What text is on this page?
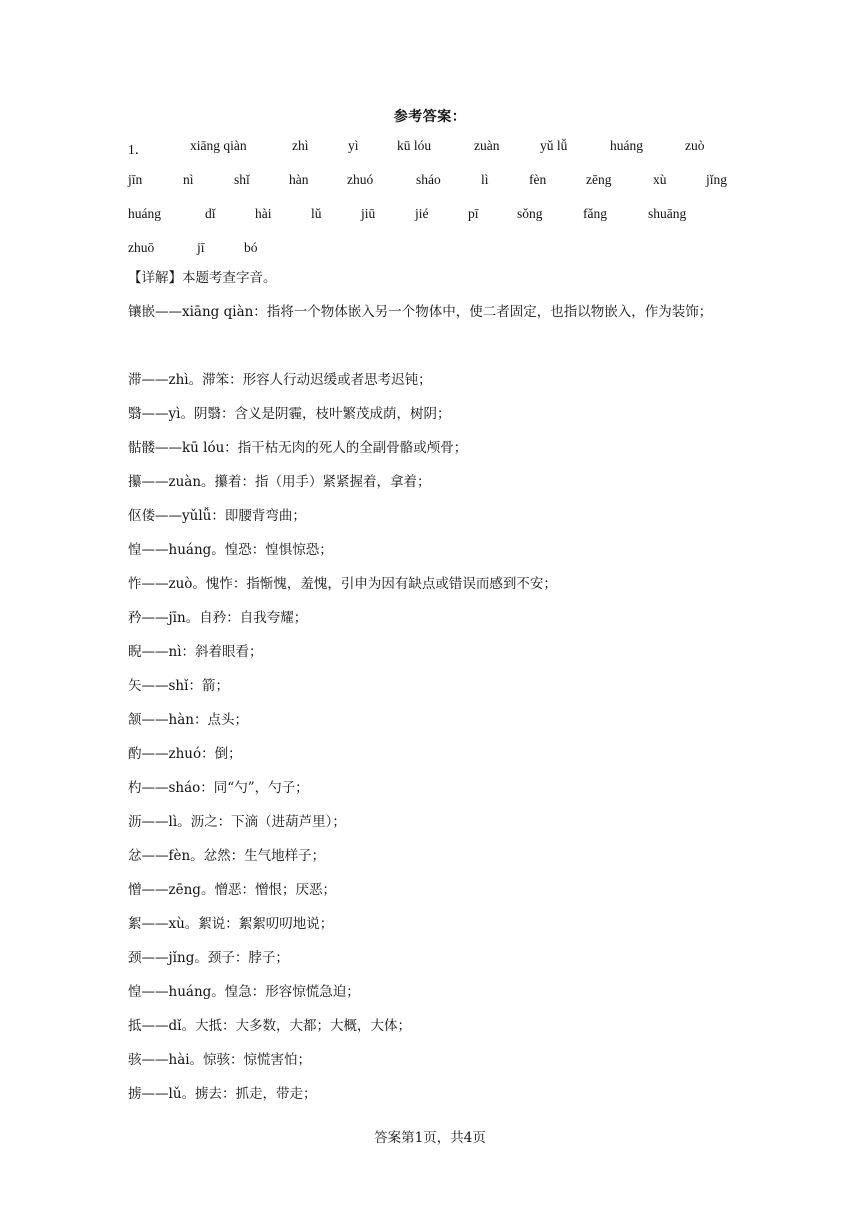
参考答案：
1．	xiāng qiàn	zhì	yì	kū lóu	zuàn	yǔ lǚ	huáng	zuò
jīn	nì	shǐ	hàn	zhuó	sháo	lì	fèn	zēng	xù	jǐng
huáng	dǐ	hài	lǔ	jiū	jié	pī	sǒng	fǎng	shuāng
zhuō	jī	bó
【详解】本题考查字音。
镶嵌——xiāng qiàn：指将一个物体嵌入另一个物体中，使二者固定，也指以物嵌入，作为装饰；
滞——zhì。滞笨：形容人行动迟缓或者思考迟钝；
翳——yì。阴翳：含义是阴霾，枝叶繁茂成荫，树阴；
骷髅——kū lóu：指干枯无肉的死人的全副骨骼或颅骨；
攥——zuàn。攥着：指（用手）紧紧握着，拿着；
伛偻——yǔlǚ：即腰背弯曲；
惶——huáng。惶恐：惶惧惊恐；
怍——zuò。愧怍：指惭愧，羞愧，引申为因有缺点或错误而感到不安；
矜——jīn。自矜：自我夸耀；
睨——nì：斜着眼看；
矢——shǐ：箭；
颔——hàn：点头；
酌——zhuó：倒；
杓——sháo：同“勺”，勺子；
沥——lì。沥之：下滴（进葫芦里）；
忿——fèn。忿然：生气地样子；
憎——zēng。憎恶：憎恨；厌恶；
絮——xù。絮说：絮絮叨叨地说；
颈——jǐng。颈子：脖子；
惶——huáng。惶急：形容惊慌急迫；
抵——dǐ。大抵：大多数，大都；大概，大体；
骇——hài。惊骇：惊慌害怕；
掳——lǔ。掳去：抓走，带走；
答案第1页，共4页
